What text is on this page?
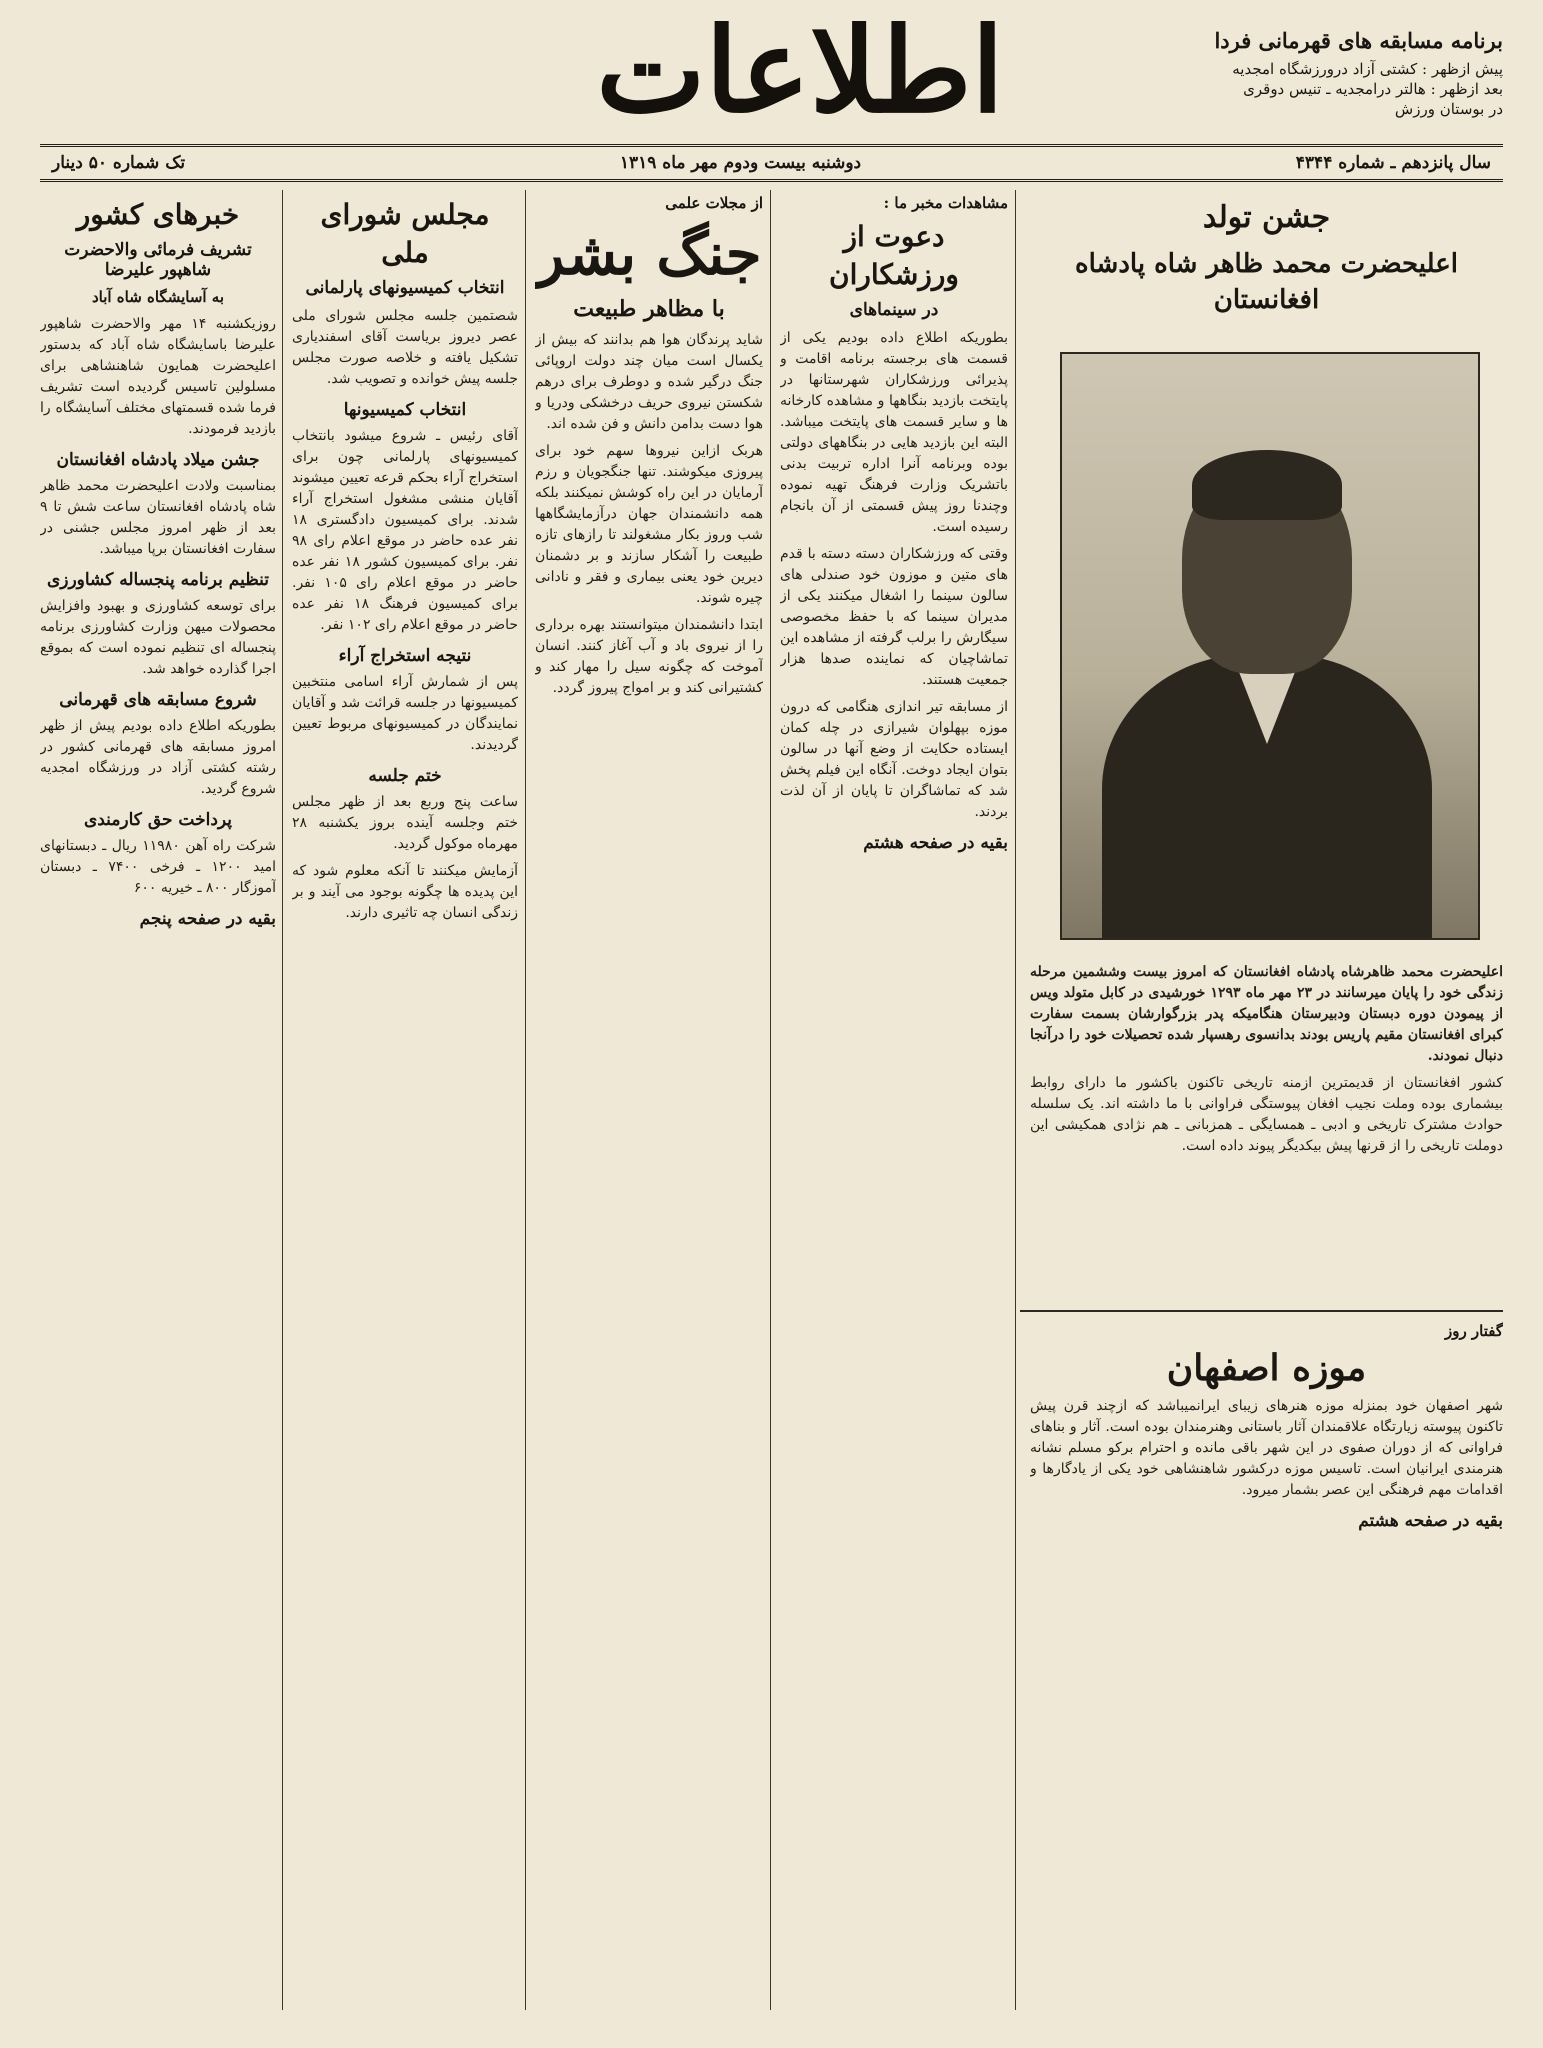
برنامه مسابقه های قهرمانی فردا
پیش ازظهر : کشتی آزاد درورزشگاه امجدیه
بعد ازظهر : هالتر درامجدیه ـ تنیس دوقری
در بوستان ورزش
اطلاعات
سال پانزدهم ـ شماره ۴۳۴۴
دوشنبه بیست ودوم مهر ماه ۱۳۱۹
تک شماره ۵۰ دینار
جشن تولد
اعلیحضرت محمد ظاهر شاه پادشاه افغانستان

اعلیحضرت محمد ظاهرشاه پادشاه افغانستان که امروز بیست وششمین مرحله زندگی خود را پایان میرسانند در ۲۳ مهر ماه ۱۲۹۳ خورشیدی در کابل متولد ویس از پیمودن دوره دبستان ودبیرستان هنگامیکه پدر بزرگوارشان بسمت سفارت کبرای افغانستان مقیم پاریس بودند بدانسوی رهسپار شده تحصیلات خود را درآنجا دنبال نمودند.

کشور افغانستان از قدیمترین ازمنه تاریخی تاکنون باکشور ما دارای روابط بیشماری بوده وملت نجیب افغان پیوستگی فراوانی با ما داشته اند. یک سلسله حوادث مشترک تاریخی و ادبی ـ همسایگی ـ همزبانی ـ هم نژادی همکیشی این دوملت تاریخی را از قرنها پیش بیکدیگر پیوند داده است.

گفتار روز
موزه اصفهان

شهر اصفهان خود بمنزله موزه هنرهای زیبای ایرانمیباشد که ازچند قرن پیش تاکنون پیوسته زیارتگاه علاقمندان آثار باستانی وهنرمندان بوده است. آثار و بناهای فراوانی که از دوران صفوی در این شهر باقی مانده و احترام برکو مسلم نشانه هنرمندی ایرانیان است. تاسیس موزه درکشور شاهنشاهی خود یکی از یادگارها و اقدامات مهم فرهنگی این عصر بشمار میرود.

بقیه در صفحه هشتم
مشاهدات مخبر ما :
دعوت از ورزشکاران
در سینماهای

بطوریکه اطلاع داده بودیم یکی از قسمت های برجسته برنامه اقامت و پذیرائی ورزشکاران شهرستانها در پایتخت بازدید بنگاهها و مشاهده کارخانه ها و سایر قسمت های پایتخت میباشد. البته این بازدید هایی در بنگاههای دولتی بوده وبرنامه آنرا اداره تربیت بدنی باتشریک وزارت فرهنگ تهیه نموده وچندنا روز پیش قسمتی از آن بانجام رسیده است.

وقتی که ورزشکاران دسته دسته با قدم های متین و موزون خود صندلی های سالون سینما را اشغال میکنند یکی از مدیران سینما که با حفظ مخصوصی سیگارش را برلب گرفته از مشاهده این تماشاچیان که نماینده صدها هزار جمعیت هستند.

از مسابقه تیر اندازی هنگامی که درون موزه بپهلوان شیرازی در چله کمان ایستاده حکایت از وضع آنها در سالون بتوان ایجاد دوخت. آنگاه این فیلم پخش شد که تماشاگران تا پایان از آن لذت بردند.

بقیه در صفحه هشتم
از مجلات علمی
جنگ بشر
با مظاهر طبیعت

شاید پرندگان هوا هم بدانند که بیش از یکسال است میان چند دولت اروپائی جنگ درگیر شده و دوطرف برای درهم شکستن نیروی حریف درخشکی ودریا و هوا دست بدامن دانش و فن شده اند.

هربک ازاین نیروها سهم خود برای پیروزی میکوشند. تنها جنگجویان و رزم آرمایان در این راه کوشش نمیکنند بلکه همه دانشمندان جهان درآزمایشگاهها شب وروز بکار مشغولند تا رازهای تازه طبیعت را آشکار سازند و بر دشمنان دیرین خود یعنی بیماری و فقر و نادانی چیره شوند.

ابتدا دانشمندان میتوانستند بهره برداری را از نیروی باد و آب آغاز کنند. انسان آموخت که چگونه سیل را مهار کند و کشتیرانی کند و بر امواج پیروز گردد.

مجلس شورای ملی
انتخاب کمیسیونهای پارلمانی

شصتمین جلسه مجلس شورای ملی عصر دیروز بریاست آقای اسفندیاری تشکیل یافته و خلاصه صورت مجلس جلسه پیش خوانده و تصویب شد.

انتخاب کمیسیونها

آقای رئیس ـ شروع میشود بانتخاب کمیسیونهای پارلمانی چون برای استخراج آراء بحکم قرعه تعیین میشوند آقایان منشی مشغول استخراج آراء شدند. برای کمیسیون دادگستری ۱۸ نفر عده حاضر در موقع اعلام رای ۹۸ نفر. برای کمیسیون کشور ۱۸ نفر عده حاضر در موقع اعلام رای ۱۰۵ نفر. برای کمیسیون فرهنگ ۱۸ نفر عده حاضر در موقع اعلام رای ۱۰۲ نفر.

نتیجه استخراج آراء

پس از شمارش آراء اسامی منتخبین کمیسیونها در جلسه قرائت شد و آقایان نمایندگان در کمیسیونهای مربوط تعیین گردیدند.

ختم جلسه

ساعت پنج وربع بعد از ظهر مجلس ختم وجلسه آینده بروز یکشنبه ۲۸ مهرماه موکول گردید.

آزمایش میکنند تا آنکه معلوم شود که این پدیده ها چگونه بوجود می آیند و بر زندگی انسان چه تاثیری دارند.

خبرهای کشور
تشریف فرمائی والاحضرت شاهپور علیرضا
به آسایشگاه شاه آباد

روزیکشنبه ۱۴ مهر والاحضرت شاهپور علیرضا باسایشگاه شاه آباد که بدستور اعلیحضرت همایون شاهنشاهی برای مسلولین تاسیس گردیده است تشریف فرما شده قسمتهای مختلف آسایشگاه را بازدید فرمودند.

جشن میلاد پادشاه افغانستان

بمناسبت ولادت اعلیحضرت محمد ظاهر شاه پادشاه افغانستان ساعت شش تا ۹ بعد از ظهر امروز مجلس جشنی در سفارت افغانستان برپا میباشد.

تنظیم برنامه پنجساله کشاورزی

برای توسعه کشاورزی و بهبود وافزایش محصولات میهن وزارت کشاورزی برنامه پنجساله ای تنظیم نموده است که بموقع اجرا گذارده خواهد شد.

شروع مسابقه های قهرمانی

بطوریکه اطلاع داده بودیم پیش از ظهر امروز مسابقه های قهرمانی کشور در رشته کشتی آزاد در ورزشگاه امجدیه شروع گردید.

پرداخت حق کارمندی

شرکت راه آهن ۱۱۹۸۰ ریال ـ دبستانهای امید ۱۲۰۰ ـ فرخی ۷۴۰۰ ـ دبستان آموزگار ۸۰۰ ـ خیریه ۶۰۰

بقیه در صفحه پنجم
